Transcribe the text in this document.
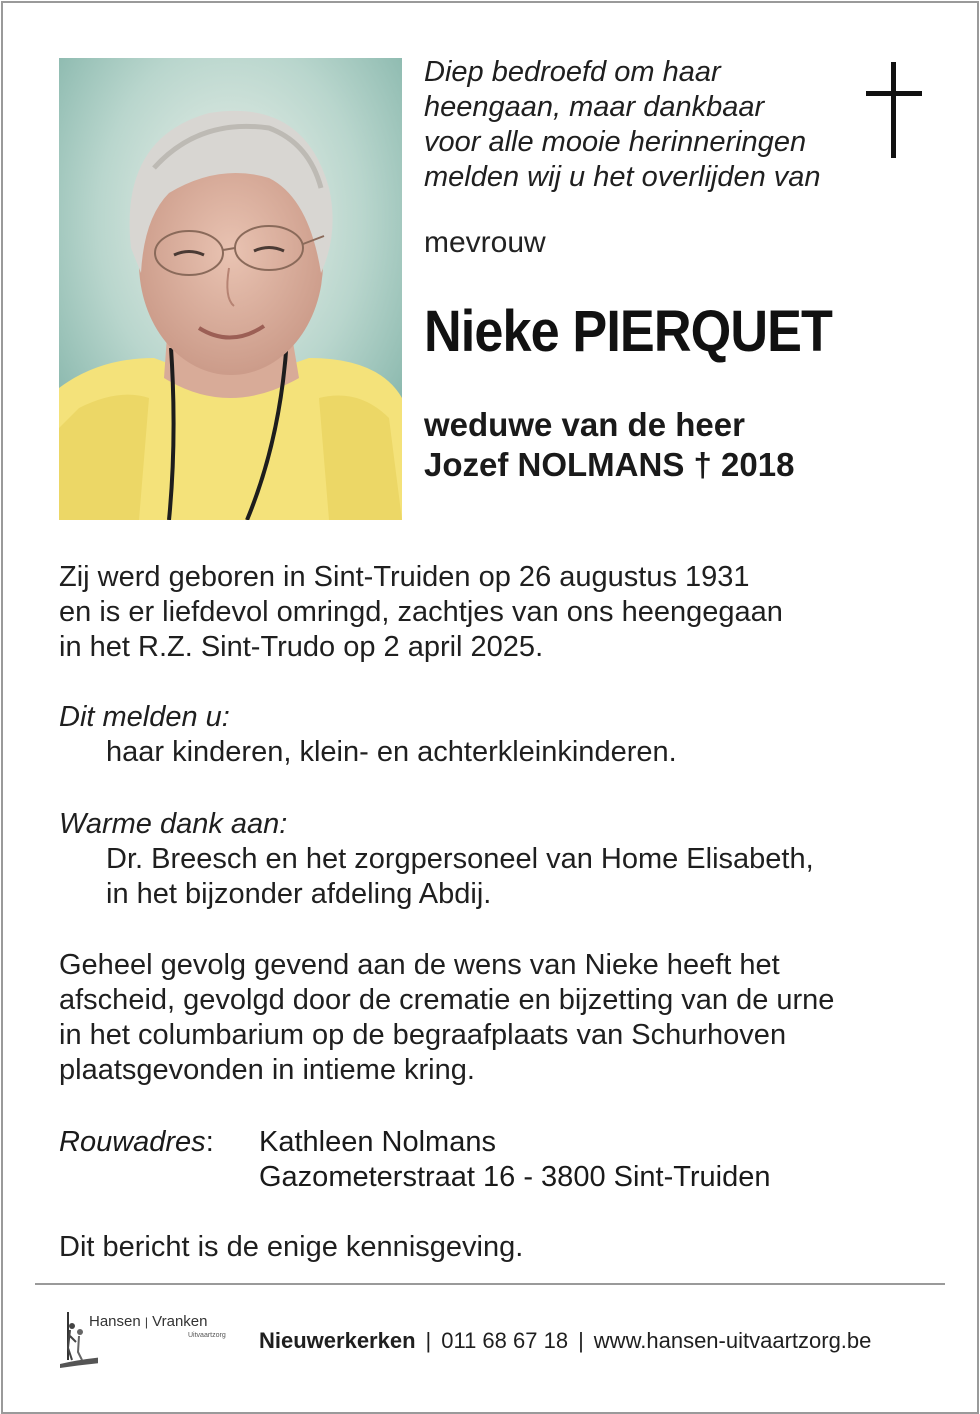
Diep bedroefd om haar
heengaan, maar dankbaar
voor alle mooie herinneringen
melden wij u het overlijden van
mevrouw
Nieke PIERQUET
weduwe van de heer
Jozef NOLMANS † 2018
Zij werd geboren in Sint-Truiden op 26 augustus 1931
en is er liefdevol omringd, zachtjes van ons heengegaan
in het R.Z. Sint-Trudo op 2 april 2025.
Dit melden u:
haar kinderen, klein- en achterkleinkinderen.
Warme dank aan:
Dr. Breesch en het zorgpersoneel van Home Elisabeth,
in het bijzonder afdeling Abdij.
Geheel gevolg gevend aan de wens van Nieke heeft het
afscheid, gevolgd door de crematie en bijzetting van de urne
in het columbarium op de begraafplaats van Schurhoven
plaatsgevonden in intieme kring.
Rouwadres: Kathleen Nolmans
Gazometerstraat 16 - 3800 Sint-Truiden
Dit bericht is de enige kennisgeving.
Hansen | Vranken
Uitvaartzorg Nieuwerkerken | 011 68 67 18 | www.hansen-uitvaartzorg.be
